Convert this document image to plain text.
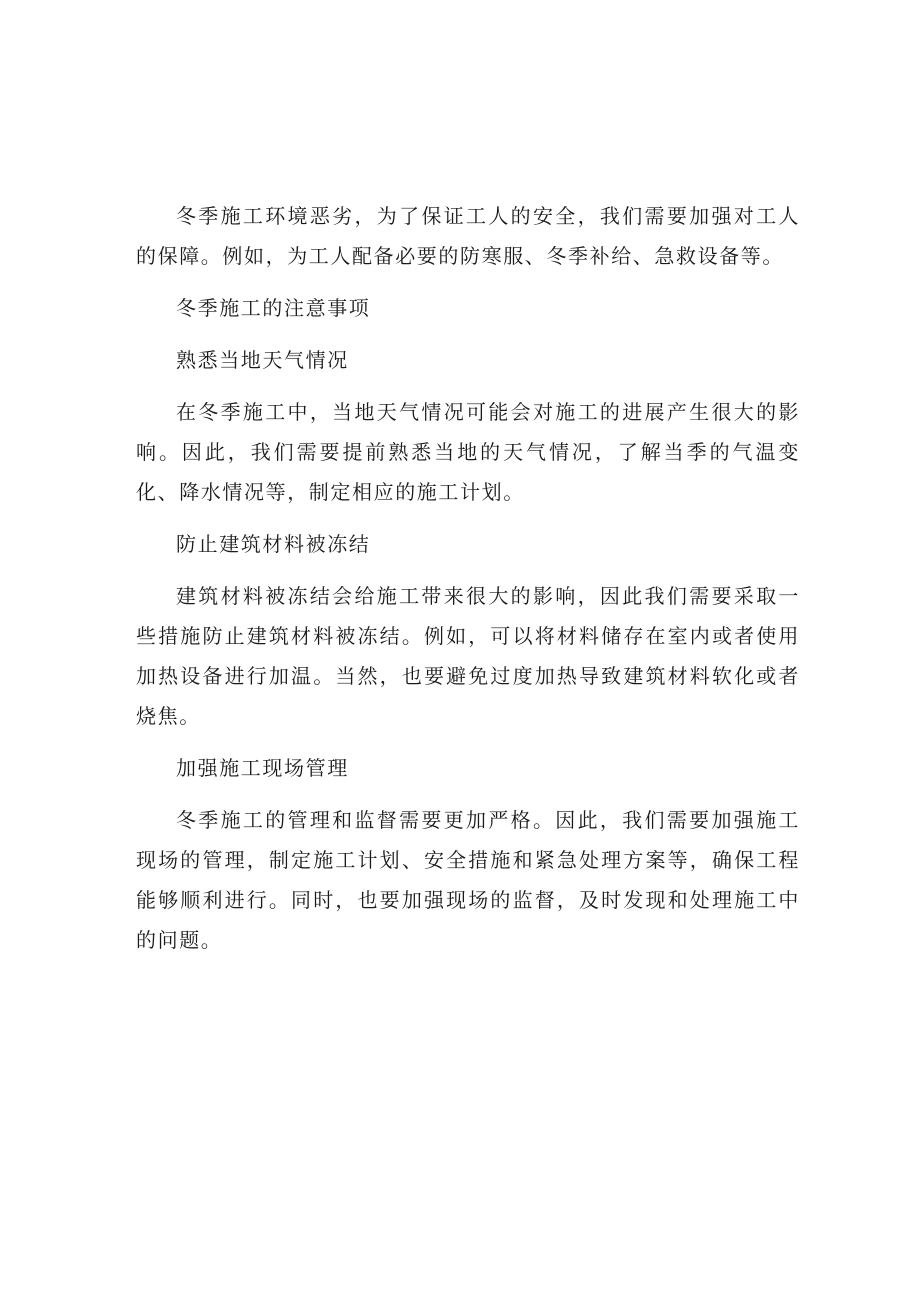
冬季施工环境恶劣，为了保证工人的安全，我们需要加强对工人的保障。例如，为工人配备必要的防寒服、冬季补给、急救设备等。

冬季施工的注意事项

熟悉当地天气情况

在冬季施工中，当地天气情况可能会对施工的进展产生很大的影响。因此，我们需要提前熟悉当地的天气情况，了解当季的气温变化、降水情况等，制定相应的施工计划。

防止建筑材料被冻结

建筑材料被冻结会给施工带来很大的影响，因此我们需要采取一些措施防止建筑材料被冻结。例如，可以将材料储存在室内或者使用加热设备进行加温。当然，也要避免过度加热导致建筑材料软化或者烧焦。

加强施工现场管理

冬季施工的管理和监督需要更加严格。因此，我们需要加强施工现场的管理，制定施工计划、安全措施和紧急处理方案等，确保工程能够顺利进行。同时，也要加强现场的监督，及时发现和处理施工中的问题。
